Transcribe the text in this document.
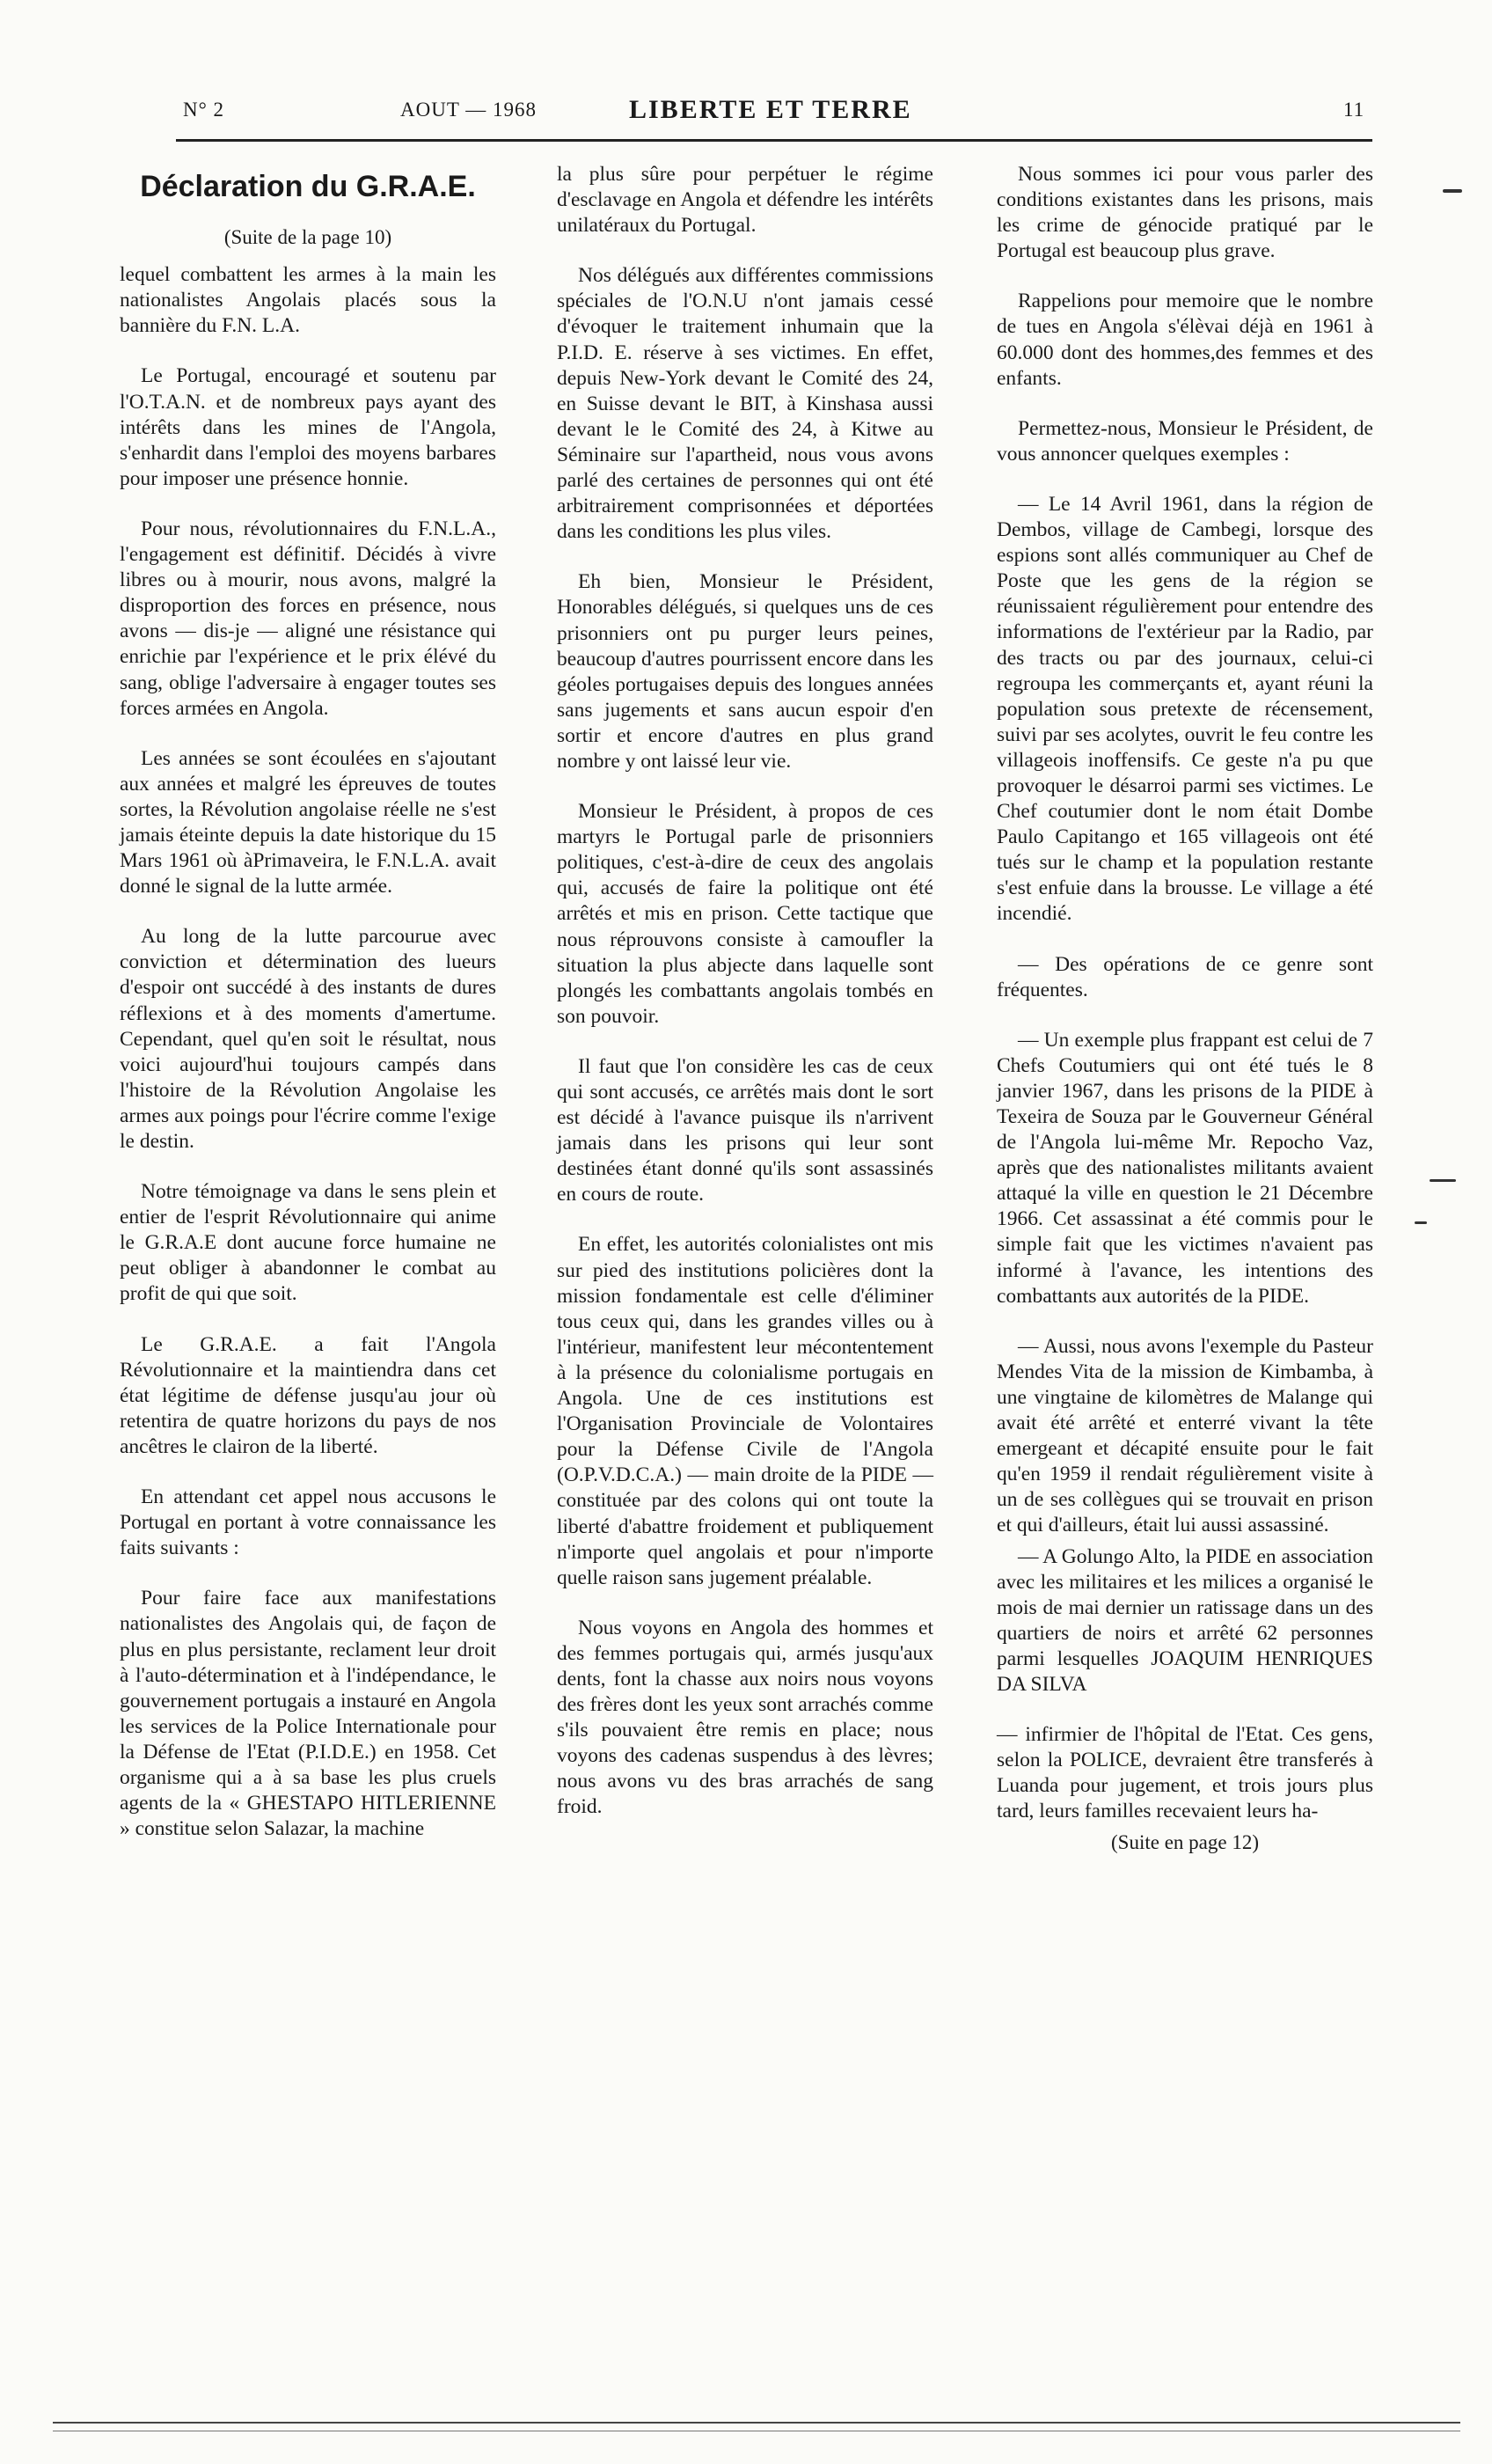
N° 2	AOUT — 1968	LIBERTE ET TERRE	11
Déclaration du G.R.A.E.
(Suite de la page 10)

lequel combattent les armes à la main les nationalistes Angolais placés sous la bannière du F.N. L.A.

Le Portugal, encouragé et soutenu par l'O.T.A.N. et de nombreux pays ayant des intérêts dans les mines de l'Angola, s'enhardit dans l'emploi des moyens barbares pour imposer une présence honnie.

Pour nous, révolutionnaires du F.N.L.A., l'engagement est définitif. Décidés à vivre libres ou à mourir, nous avons, malgré la disproportion des forces en présence, nous avons — dis-je — aligné une résistance qui enrichie par l'expérience et le prix élévé du sang, oblige l'adversaire à engager toutes ses forces armées en Angola.

Les années se sont écoulées en s'ajoutant aux années et malgré les épreuves de toutes sortes, la Révolution angolaise réelle ne s'est jamais éteinte depuis la date historique du 15 Mars 1961 où àPrimaveira, le F.N.L.A. avait donné le signal de la lutte armée.

Au long de la lutte parcourue avec conviction et détermination des lueurs d'espoir ont succédé à des instants de dures réflexions et à des moments d'amertume. Cependant, quel qu'en soit le résultat, nous voici aujourd'hui toujours campés dans l'histoire de la Révolution Angolaise les armes aux poings pour l'écrire comme l'exige le destin.

Notre témoignage va dans le sens plein et entier de l'esprit Révolutionnaire qui anime le G.R.A.E dont aucune force humaine ne peut obliger à abandonner le combat au profit de qui que soit.

Le G.R.A.E. a fait l'Angola Révolutionnaire et la maintiendra dans cet état légitime de défense jusqu'au jour où retentira de quatre horizons du pays de nos ancêtres le clairon de la liberté.

En attendant cet appel nous accusons le Portugal en portant à votre connaissance les faits suivants :

Pour faire face aux manifestations nationalistes des Angolais qui, de façon de plus en plus persistante, reclament leur droit à l'auto-détermination et à l'indépendance, le gouvernement portugais a instauré en Angola les services de la Police Internationale pour la Défense de l'Etat (P.I.D.E.) en 1958. Cet organisme qui a à sa base les plus cruels agents de la « GHESTAPO HITLERIENNE » constitue selon Salazar, la machine

la plus sûre pour perpétuer le régime d'esclavage en Angola et défendre les intérêts unilatéraux du Portugal.

Nos délégués aux différentes commissions spéciales de l'O.N.U n'ont jamais cessé d'évoquer le traitement inhumain que la P.I.D. E. réserve à ses victimes. En effet, depuis New-York devant le Comité des 24, en Suisse devant le BIT, à Kinshasa aussi devant le le Comité des 24, à Kitwe au Séminaire sur l'apartheid, nous vous avons parlé des certaines de personnes qui ont été arbitrairement comprisonnées et déportées dans les conditions les plus viles.

Eh bien, Monsieur le Président, Honorables délégués, si quelques uns de ces prisonniers ont pu purger leurs peines, beaucoup d'autres pourrissent encore dans les géoles portugaises depuis des longues années sans jugements et sans aucun espoir d'en sortir et encore d'autres en plus grand nombre y ont laissé leur vie.

Monsieur le Président, à propos de ces martyrs le Portugal parle de prisonniers politiques, c'est-à-dire de ceux des angolais qui, accusés de faire la politique ont été arrêtés et mis en prison. Cette tactique que nous réprouvons consiste à camoufler la situation la plus abjecte dans laquelle sont plongés les combattants angolais tombés en son pouvoir.

Il faut que l'on considère les cas de ceux qui sont accusés, ce arrêtés mais dont le sort est décidé à l'avance puisque ils n'arrivent jamais dans les prisons qui leur sont destinées étant donné qu'ils sont assassinés en cours de route.

En effet, les autorités colonialistes ont mis sur pied des institutions policières dont la mission fondamentale est celle d'éliminer tous ceux qui, dans les grandes villes ou à l'intérieur, manifestent leur mécontentement à la présence du colonialisme portugais en Angola. Une de ces institutions est l'Organisation Provinciale de Volontaires pour la Défense Civile de l'Angola (O.P.V.D.C.A.) — main droite de la PIDE — constituée par des colons qui ont toute la liberté d'abattre froidement et publiquement n'importe quel angolais et pour n'importe quelle raison sans jugement préalable.

Nous voyons en Angola des hommes et des femmes portugais qui, armés jusqu'aux dents, font la chasse aux noirs nous voyons des frères dont les yeux sont arrachés comme s'ils pouvaient être remis en place; nous voyons des cadenas suspendus à des lèvres; nous avons vu des bras arrachés de sang froid.

Nous sommes ici pour vous parler des conditions existantes dans les prisons, mais les crime de génocide pratiqué par le Portugal est beaucoup plus grave.

Rappelions pour memoire que le nombre de tues en Angola s'élèvai déjà en 1961 à 60.000 dont des hommes,des femmes et des enfants.

Permettez-nous, Monsieur le Président, de vous annoncer quelques exemples :

— Le 14 Avril 1961, dans la région de Dembos, village de Cambegi, lorsque des espions sont allés communiquer au Chef de Poste que les gens de la région se réunissaient régulièrement pour entendre des informations de l'extérieur par la Radio, par des tracts ou par des journaux, celui-ci regroupa les commerçants et, ayant réuni la population sous pretexte de récensement, suivi par ses acolytes, ouvrit le feu contre les villageois inoffensifs. Ce geste n'a pu que provoquer le désarroi parmi ses victimes. Le Chef coutumier dont le nom était Dombe Paulo Capitango et 165 villageois ont été tués sur le champ et la population restante s'est enfuie dans la brousse. Le village a été incendié.

— Des opérations de ce genre sont fréquentes.

— Un exemple plus frappant est celui de 7 Chefs Coutumiers qui ont été tués le 8 janvier 1967, dans les prisons de la PIDE à Texeira de Souza par le Gouverneur Général de l'Angola lui-même Mr. Repocho Vaz, après que des nationalistes militants avaient attaqué la ville en question le 21 Décembre 1966. Cet assassinat a été commis pour le simple fait que les victimes n'avaient pas informé à l'avance, les intentions des combattants aux autorités de la PIDE.

— Aussi, nous avons l'exemple du Pasteur Mendes Vita de la mission de Kimbamba, à une vingtaine de kilomètres de Malange qui avait été arrêté et enterré vivant la tête emergeant et décapité ensuite pour le fait qu'en 1959 il rendait régulièrement visite à un de ses collègues qui se trouvait en prison et qui d'ailleurs, était lui aussi assassiné.

— A Golungo Alto, la PIDE en association avec les militaires et les milices a organisé le mois de mai dernier un ratissage dans un des quartiers de noirs et arrêté 62 personnes parmi lesquelles JOAQUIM HENRIQUES DA SILVA

— infirmier de l'hôpital de l'Etat. Ces gens, selon la POLICE, devraient être transferés à Luanda pour jugement, et trois jours plus tard, leurs familles recevaient leurs ha-

(Suite en page 12)
